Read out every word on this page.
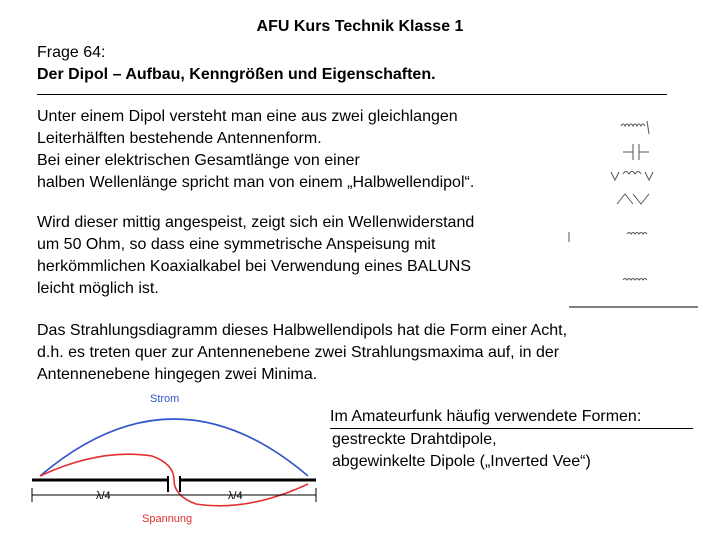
AFU Kurs Technik Klasse 1
Frage 64:
Der Dipol – Aufbau, Kenngrößen und Eigenschaften.
Unter einem Dipol versteht man eine aus zwei gleichlangen
Leiterhälften bestehende Antennenform.
Bei einer elektrischen Gesamtlänge von einer
halben Wellenlänge spricht man von einem „Halbwellendipol“.
Wird dieser mittig angespeist, zeigt sich ein Wellenwiderstand
um 50 Ohm, so dass eine symmetrische Anspeisung mit
herkömmlichen Koaxialkabel bei Verwendung eines BALUNS
leicht möglich ist.
Das Strahlungsdiagramm dieses Halbwellendipols hat die Form einer Acht,
d.h. es treten quer zur Antennenebene zwei Strahlungsmaxima auf, in der
Antennenebene hingegen zwei Minima.
Strom
λ/4	λ/4
Spannung
Im Amateurfunk häufig verwendete Formen:
gestreckte Drahtdipole,
abgewinkelte Dipole („Inverted Vee“)
